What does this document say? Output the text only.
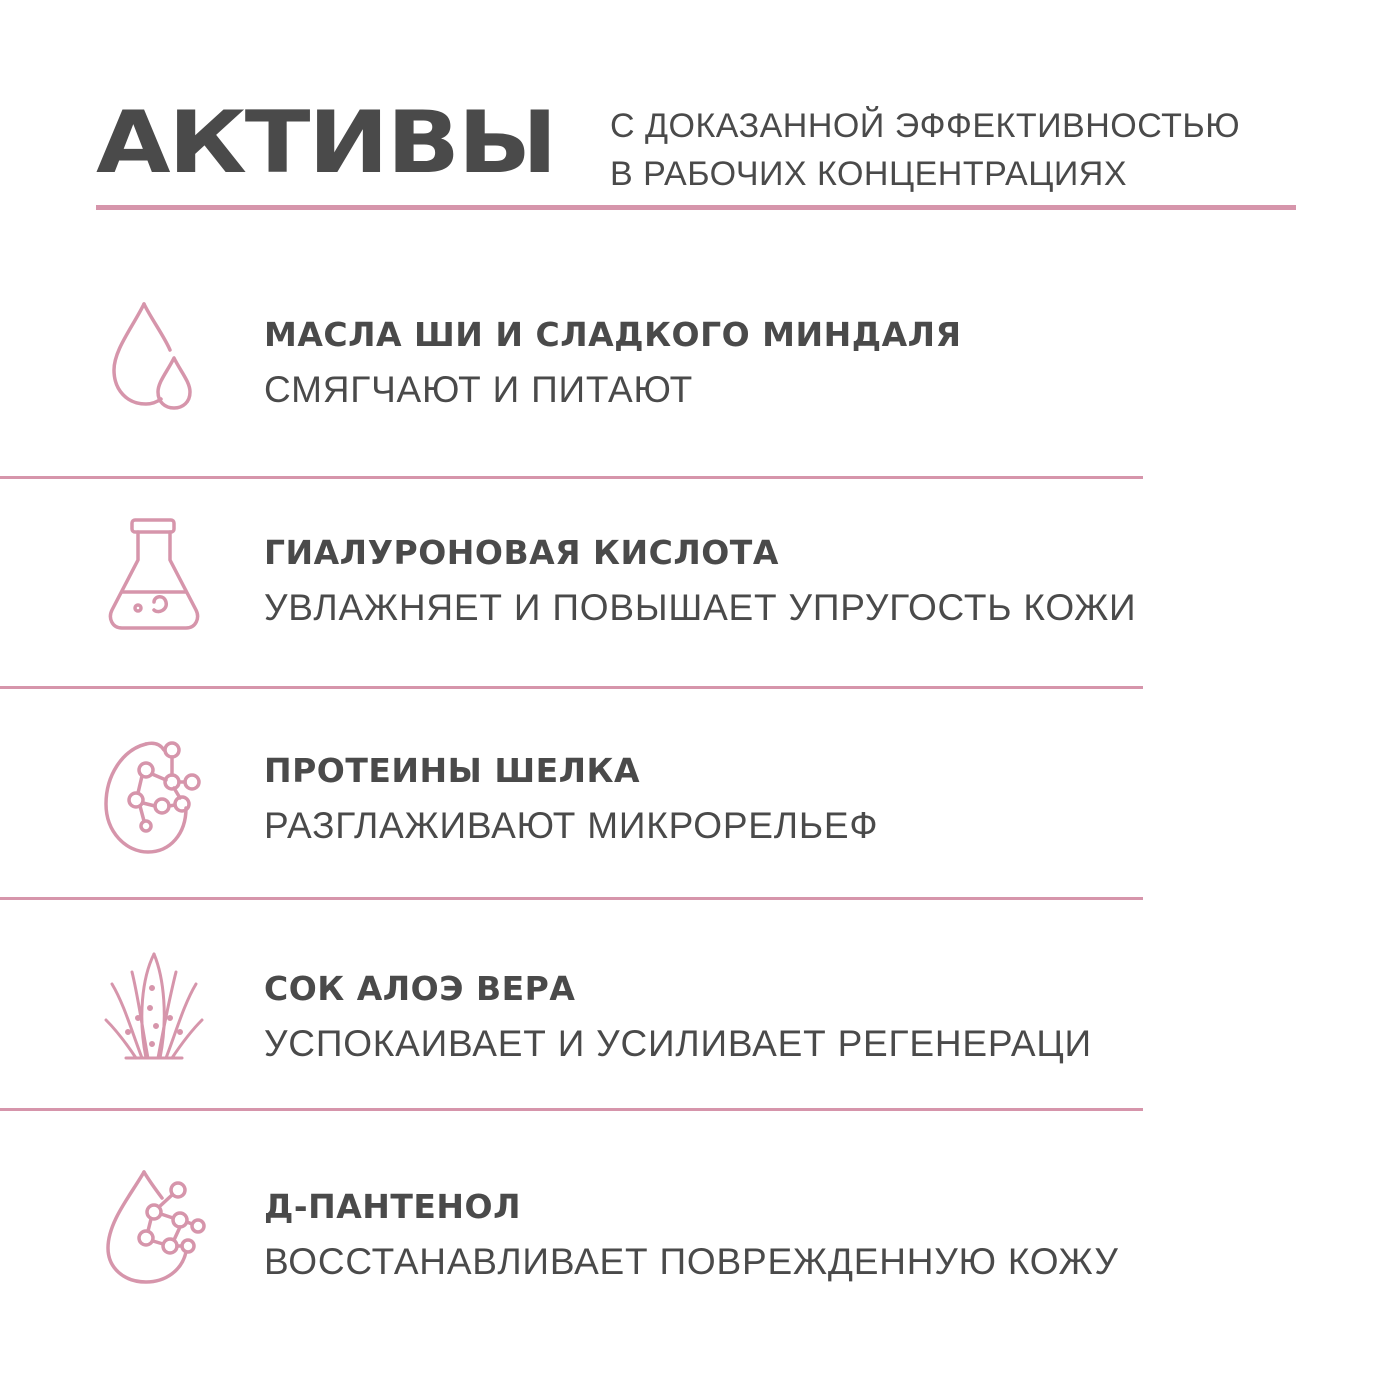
АКТИВЫ С ДОКАЗАННОЙ ЭФФЕКТИВНОСТЬЮ
В РАБОЧИХ КОНЦЕНТРАЦИЯХ
МАСЛА ШИ И СЛАДКОГО МИНДАЛЯ
СМЯГЧАЮТ И ПИТАЮТ
ГИАЛУРОНОВАЯ КИСЛОТА
УВЛАЖНЯЕТ И ПОВЫШАЕТ УПРУГОСТЬ КОЖИ
ПРОТЕИНЫ ШЕЛКА
РАЗГЛАЖИВАЮТ МИКРОРЕЛЬЕФ
СОК АЛОЭ ВЕРА
УСПОКАИВАЕТ И УСИЛИВАЕТ РЕГЕНЕРАЦИ
Д-ПАНТЕНОЛ
ВОССТАНАВЛИВАЕТ ПОВРЕЖДЕННУЮ КОЖУ
